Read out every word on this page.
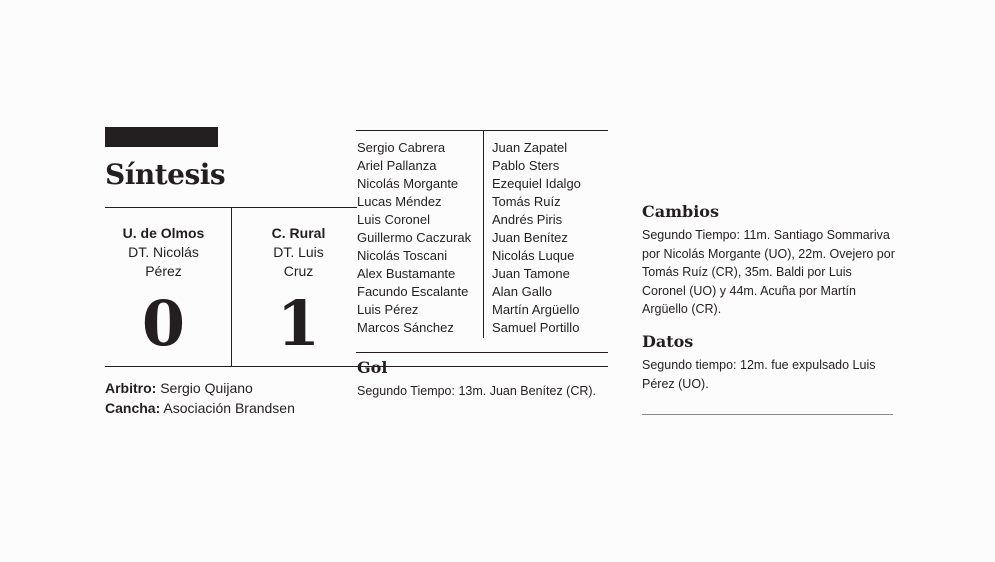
Síntesis
U. de Olmos
DT. Nicolás
Pérez
0
C. Rural
DT. Luis
Cruz
1
Arbitro: Sergio Quijano
Cancha: Asociación Brandsen
Sergio Cabrera
Ariel Pallanza
Nicolás Morgante
Lucas Méndez
Luis Coronel
Guillermo Caczurak
Nicolás Toscani
Alex Bustamante
Facundo Escalante
Luis Pérez
Marcos Sánchez
Juan Zapatel
Pablo Sters
Ezequiel Idalgo
Tomás Ruíz
Andrés Piris
Juan Benítez
Nicolás Luque
Juan Tamone
Alan Gallo
Martín Argüello
Samuel Portillo
Gol
Segundo Tiempo: 13m. Juan Benítez (CR).
Cambios
Segundo Tiempo: 11m. Santiago Sommariva por Nicolás Morgante (UO), 22m. Ovejero por Tomás Ruíz (CR), 35m. Baldi por Luis Coronel (UO) y 44m. Acuña por Martín Argüello (CR).
Datos
Segundo tiempo: 12m. fue expulsado Luis Pérez (UO).
